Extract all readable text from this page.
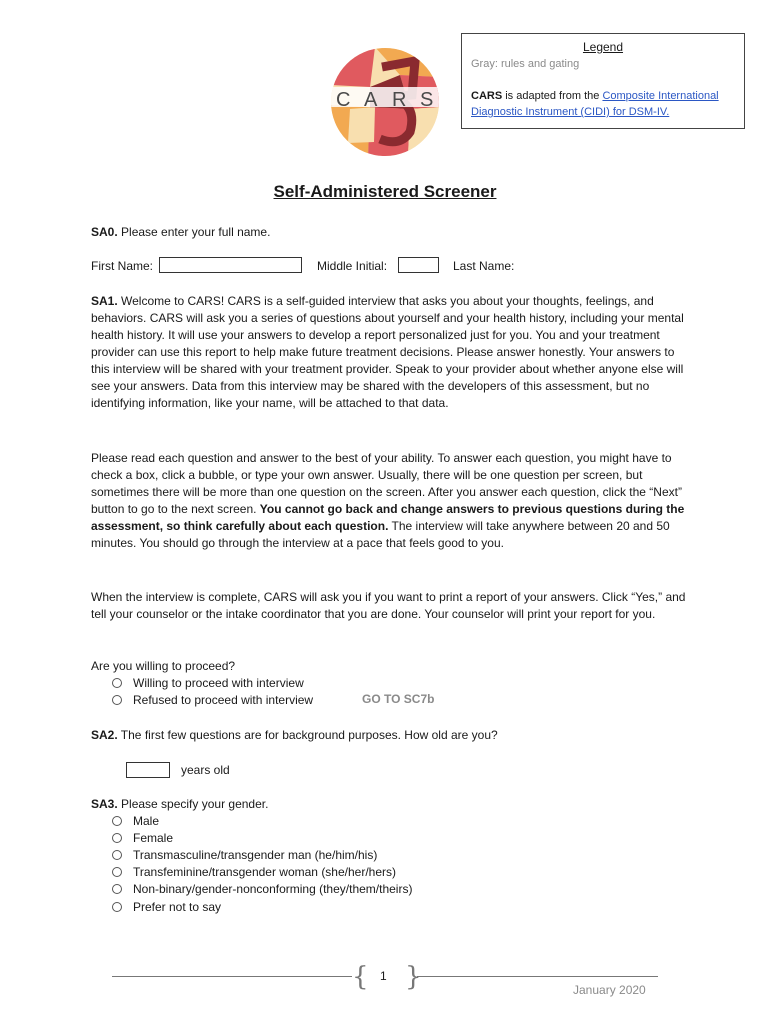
C A R S
Legend
Gray: rules and gating
CARS is adapted from the Composite International Diagnostic Instrument (CIDI) for DSM-IV.
Self-Administered Screener
SA0. Please enter your full name.
First Name:	Middle Initial:	Last Name:
SA1. Welcome to CARS! CARS is a self-guided interview that asks you about your thoughts, feelings, and behaviors. CARS will ask you a series of questions about yourself and your health history, including your mental health history. It will use your answers to develop a report personalized just for you. You and your treatment provider can use this report to help make future treatment decisions. Please answer honestly. Your answers to this interview will be shared with your treatment provider. Speak to your provider about whether anyone else will see your answers. Data from this interview may be shared with the developers of this assessment, but no identifying information, like your name, will be attached to that data.
Please read each question and answer to the best of your ability. To answer each question, you might have to check a box, click a bubble, or type your own answer. Usually, there will be one question per screen, but sometimes there will be more than one question on the screen. After you answer each question, click the “Next” button to go to the next screen. You cannot go back and change answers to previous questions during the assessment, so think carefully about each question. The interview will take anywhere between 20 and 50 minutes. You should go through the interview at a pace that feels good to you.
When the interview is complete, CARS will ask you if you want to print a report of your answers. Click “Yes,” and tell your counselor or the intake coordinator that you are done. Your counselor will print your report for you.
Are you willing to proceed?
Willing to proceed with interview
Refused to proceed with interview	GO TO SC7b
SA2. The first few questions are for background purposes. How old are you?
years old
SA3. Please specify your gender.
Male
Female
Transmasculine/transgender man (he/him/his)
Transfeminine/transgender woman (she/her/hers)
Non-binary/gender-nonconforming (they/them/theirs)
Prefer not to say
{ }
1
January 2020
